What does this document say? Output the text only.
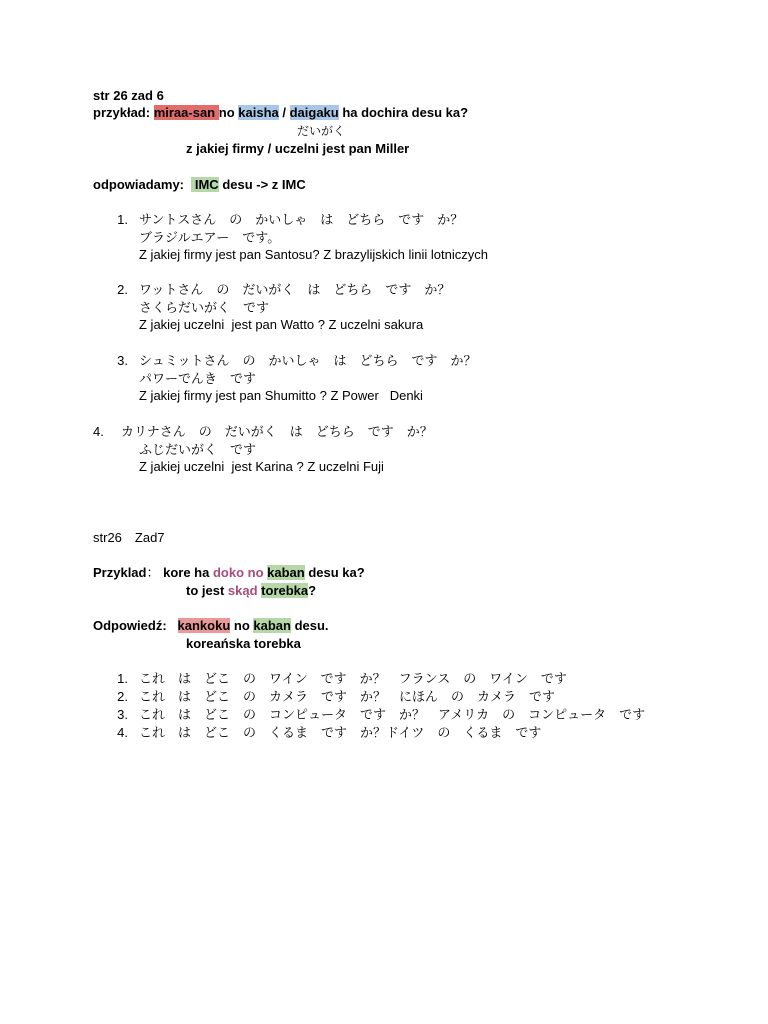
str 26 zad 6
przykład: miraa-san no kaisha / daigaku ha dochira desu ka?
だいがく
z jakiej firmy / uczelni jest pan Miller
odpowiadamy:   IMC desu -> z IMC
1. サントスさん　の　かいしゃ　は　どちら　です　か？
ブラジルエアー　です。
Z jakiej firmy jest pan Santosu? Z brazylijskich linii lotniczych
2. ワットさん　の　だいがく　は　どちら　です　か？
さくらだいがく　です
Z jakiej uczelni  jest pan Watto ? Z uczelni sakura
3. シュミットさん　の　かいしゃ　は　どちら　です　か？
パワーでんき　です
Z jakiej firmy jest pan Shumitto ? Z Power   Denki
4. カリナさん　の　だいがく　は　どちら　です　か？
ふじだいがく　です
Z jakiej uczelni  jest Karina ? Z uczelni Fuji
str26　Zad7
Przyklad： kore ha doko no kaban desu ka?
to jest skąd torebka?
Odpowiedź: kankoku no kaban desu.
koreańska torebka
1. これ　は　どこ　の　ワイン　です　か？　フランス　の　ワイン　です
2. これ　は　どこ　の　カメラ　です　か？　にほん　の　カメラ　です
3. これ　は　どこ　の　コンピュータ　です　か？　アメリカ　の　コンピュータ　です
4. これ　は　どこ　の　くるま　です　か？ドイツ　の　くるま　です
